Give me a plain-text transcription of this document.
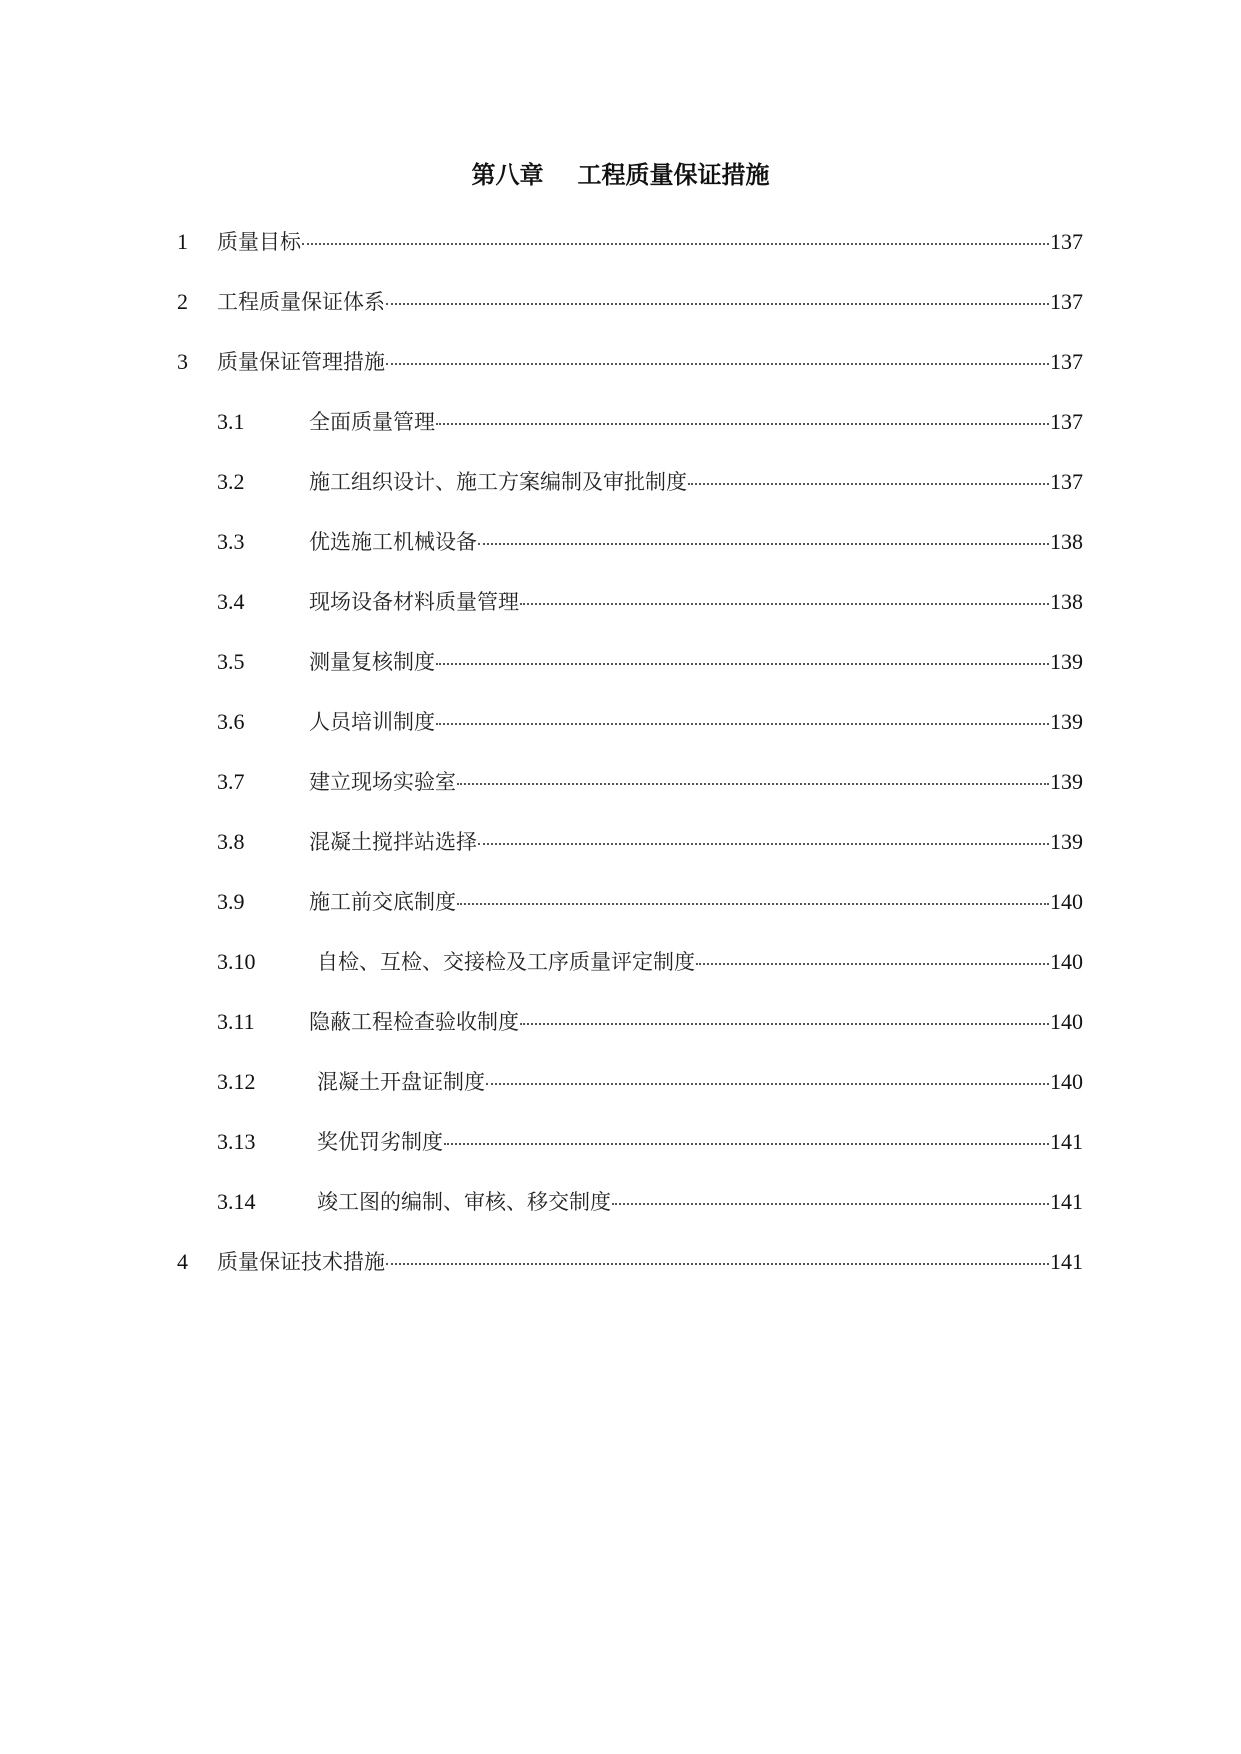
第八章 工程质量保证措施
1	质量目标	137
2	工程质量保证体系	137
3	质量保证管理措施	137
3.1	全面质量管理	137
3.2	施工组织设计、施工方案编制及审批制度	137
3.3	优选施工机械设备	138
3.4	现场设备材料质量管理	138
3.5	测量复核制度	139
3.6	人员培训制度	139
3.7	建立现场实验室	139
3.8	混凝土搅拌站选择	139
3.9	施工前交底制度	140
3.10	自检、互检、交接检及工序质量评定制度	140
3.11	隐蔽工程检查验收制度	140
3.12	混凝土开盘证制度	140
3.13	奖优罚劣制度	141
3.14	竣工图的编制、审核、移交制度	141
4	质量保证技术措施	141
